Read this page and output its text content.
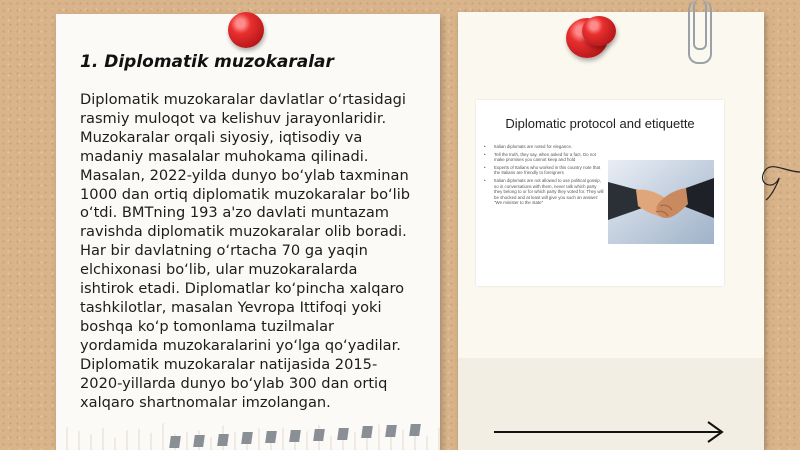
1. Diplomatik muzokaralar
Diplomatik muzokaralar davlatlar o‘rtasidagi
rasmiy muloqot va kelishuv jarayonlaridir.
Muzokaralar orqali siyosiy, iqtisodiy va
madaniy masalalar muhokama qilinadi.
Masalan, 2022-yilda dunyo bo‘ylab taxminan
1000 dan ortiq diplomatik muzokaralar bo‘lib
o‘tdi. BMTning 193 a'zo davlati muntazam
ravishda diplomatik muzokaralar olib boradi.
Har bir davlatning o‘rtacha 70 ga yaqin
elchixonasi bo‘lib, ular muzokaralarda
ishtirok etadi. Diplomatlar ko‘pincha xalqaro
tashkilotlar, masalan Yevropa Ittifoqi yoki
boshqa ko‘p tomonlama tuzilmalar
yordamida muzokaralarini yo‘lga qo‘yadilar.
Diplomatik muzokaralar natijasida 2015-
2020-yillarda dunyo bo‘ylab 300 dan ortiq
xalqaro shartnomalar imzolangan.
Diplomatic protocol and etiquette
• Italian diplomats are noted for elegance.
• Tell the truth, they say, when asked for a fact. Do not make promises you cannot keep and hold
• Experts of Italians who worked in this country note that the Italians are friendly to foreigners
• Italian diplomats are not allowed to use political gossip, so in conversations with them, never talk which party they belong to or for which party they voted for. They will be shocked and at least will give you such an answer: "We minister to the state"
